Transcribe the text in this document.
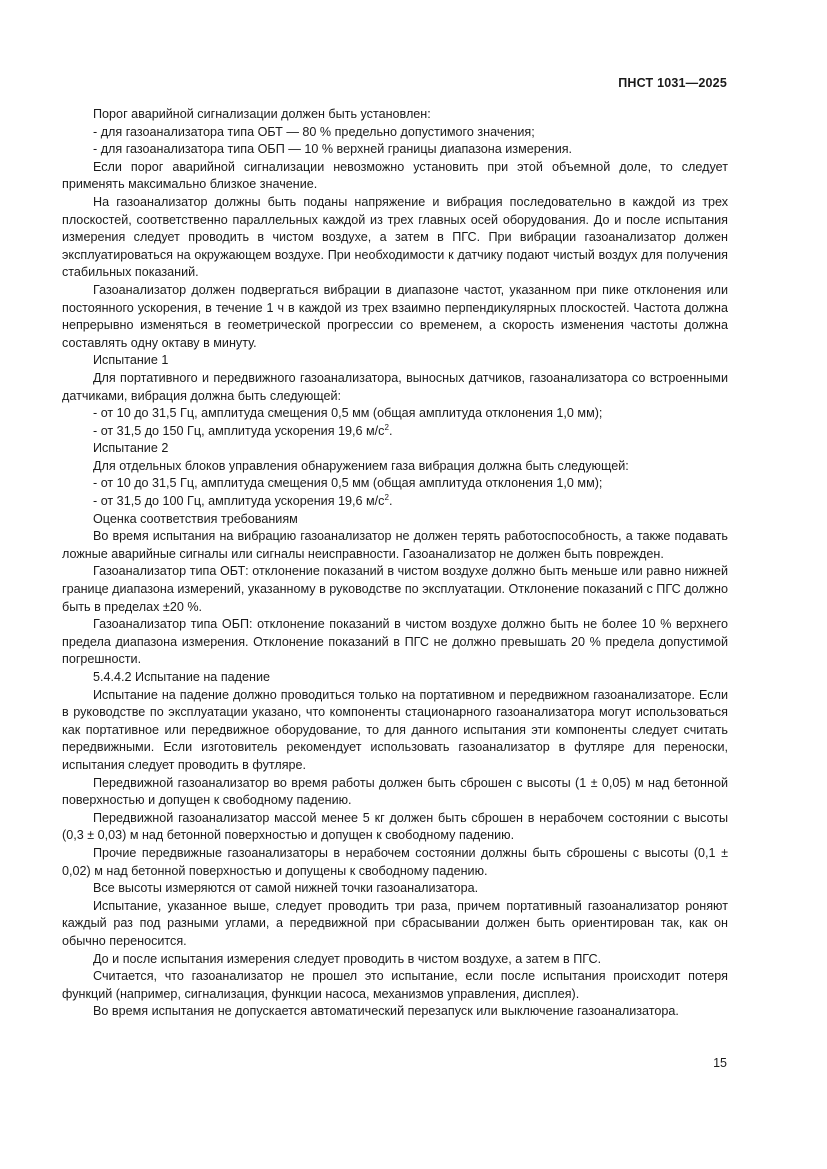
ПНСТ 1031—2025

Порог аварийной сигнализации должен быть установлен:

- для газоанализатора типа ОБТ — 80 % предельно допустимого значения;

- для газоанализатора типа ОБП — 10 % верхней границы диапазона измерения.

Если порог аварийной сигнализации невозможно установить при этой объемной доле, то следует применять максимально близкое значение.

На газоанализатор должны быть поданы напряжение и вибрация последовательно в каждой из трех плоскостей, соответственно параллельных каждой из трех главных осей оборудования. До и после испытания измерения следует проводить в чистом воздухе, а затем в ПГС. При вибрации газоанализатор должен эксплуатироваться на окружающем воздухе. При необходимости к датчику подают чистый воздух для получения стабильных показаний.

Газоанализатор должен подвергаться вибрации в диапазоне частот, указанном при пике отклонения или постоянного ускорения, в течение 1 ч в каждой из трех взаимно перпендикулярных плоскостей. Частота должна непрерывно изменяться в геометрической прогрессии со временем, а скорость изменения частоты должна составлять одну октаву в минуту.

Испытание 1

Для портативного и передвижного газоанализатора, выносных датчиков, газоанализатора со встроенными датчиками, вибрация должна быть следующей:

- от 10 до 31,5 Гц, амплитуда смещения 0,5 мм (общая амплитуда отклонения 1,0 мм);

- от 31,5 до 150 Гц, амплитуда ускорения 19,6 $м/с^2$.

Испытание 2

Для отдельных блоков управления обнаружением газа вибрация должна быть следующей:

- от 10 до 31,5 Гц, амплитуда смещения 0,5 мм (общая амплитуда отклонения 1,0 мм);

- от 31,5 до 100 Гц, амплитуда ускорения 19,6 $м/с^2$.

Оценка соответствия требованиям

Во время испытания на вибрацию газоанализатор не должен терять работоспособность, а также подавать ложные аварийные сигналы или сигналы неисправности. Газоанализатор не должен быть поврежден.

Газоанализатор типа ОБТ: отклонение показаний в чистом воздухе должно быть меньше или равно нижней границе диапазона измерений, указанному в руководстве по эксплуатации. Отклонение показаний с ПГС должно быть в пределах ±20 %.

Газоанализатор типа ОБП: отклонение показаний в чистом воздухе должно быть не более 10 % верхнего предела диапазона измерения. Отклонение показаний в ПГС не должно превышать 20 % предела допустимой погрешности.

5.4.4.2 Испытание на падение

Испытание на падение должно проводиться только на портативном и передвижном газоанализаторе. Если в руководстве по эксплуатации указано, что компоненты стационарного газоанализатора могут использоваться как портативное или передвижное оборудование, то для данного испытания эти компоненты следует считать передвижными. Если изготовитель рекомендует использовать газоанализатор в футляре для переноски, испытания следует проводить в футляре.

Передвижной газоанализатор во время работы должен быть сброшен с высоты (1 ± 0,05) м над бетонной поверхностью и допущен к свободному падению.

Передвижной газоанализатор массой менее 5 кг должен быть сброшен в нерабочем состоянии с высоты (0,3 ± 0,03) м над бетонной поверхностью и допущен к свободному падению.

Прочие передвижные газоанализаторы в нерабочем состоянии должны быть сброшены с высоты (0,1 ± 0,02) м над бетонной поверхностью и допущены к свободному падению.

Все высоты измеряются от самой нижней точки газоанализатора.

Испытание, указанное выше, следует проводить три раза, причем портативный газоанализатор роняют каждый раз под разными углами, а передвижной при сбрасывании должен быть ориентирован так, как он обычно переносится.

До и после испытания измерения следует проводить в чистом воздухе, а затем в ПГС.

Считается, что газоанализатор не прошел это испытание, если после испытания происходит потеря функций (например, сигнализация, функции насоса, механизмов управления, дисплея).

Во время испытания не допускается автоматический перезапуск или выключение газоанализатора.

15
